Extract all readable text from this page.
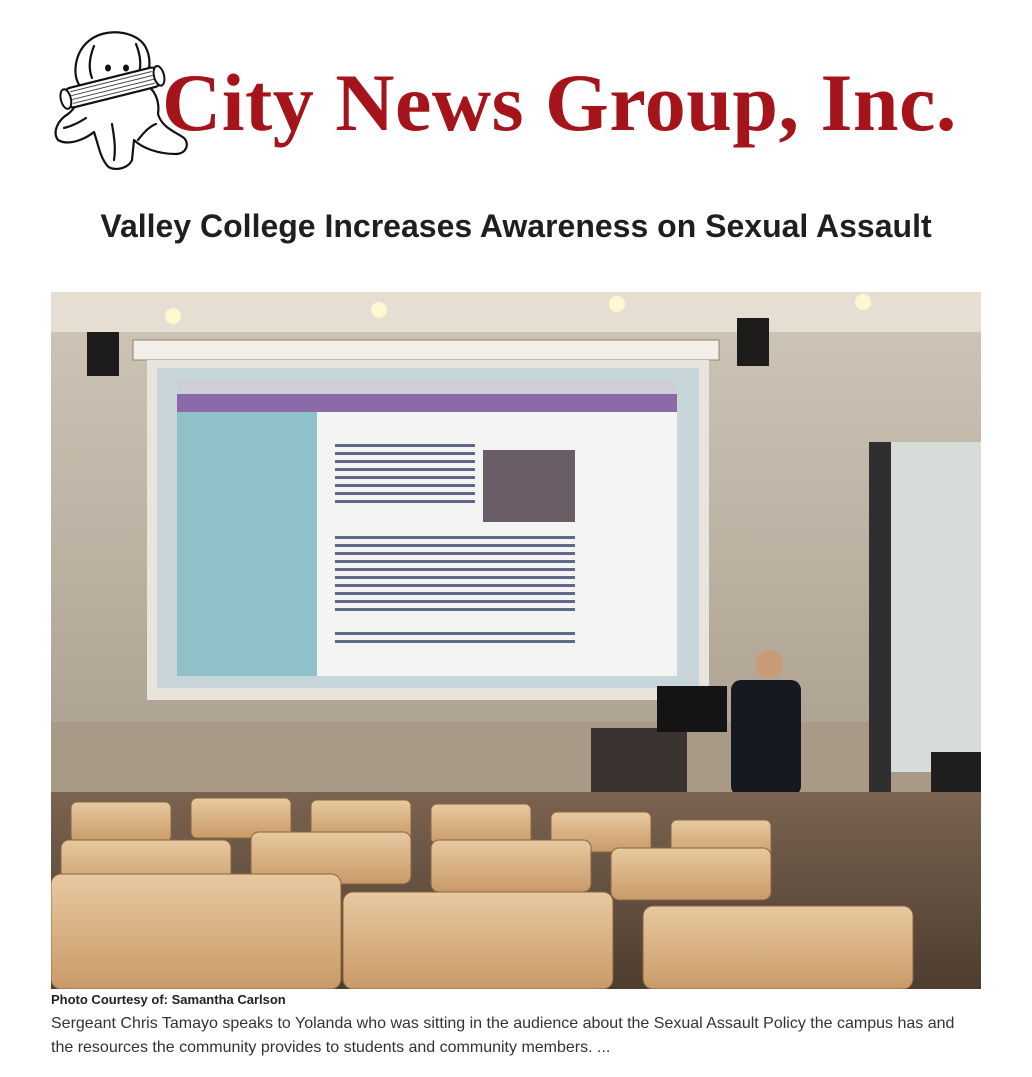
City News Group, Inc.
Valley College Increases Awareness on Sexual Assault
Photo Courtesy of: Samantha Carlson

Sergeant Chris Tamayo speaks to Yolanda who was sitting in the audience about the Sexual Assault Policy the campus has and the resources the community provides to students and community members. ...
